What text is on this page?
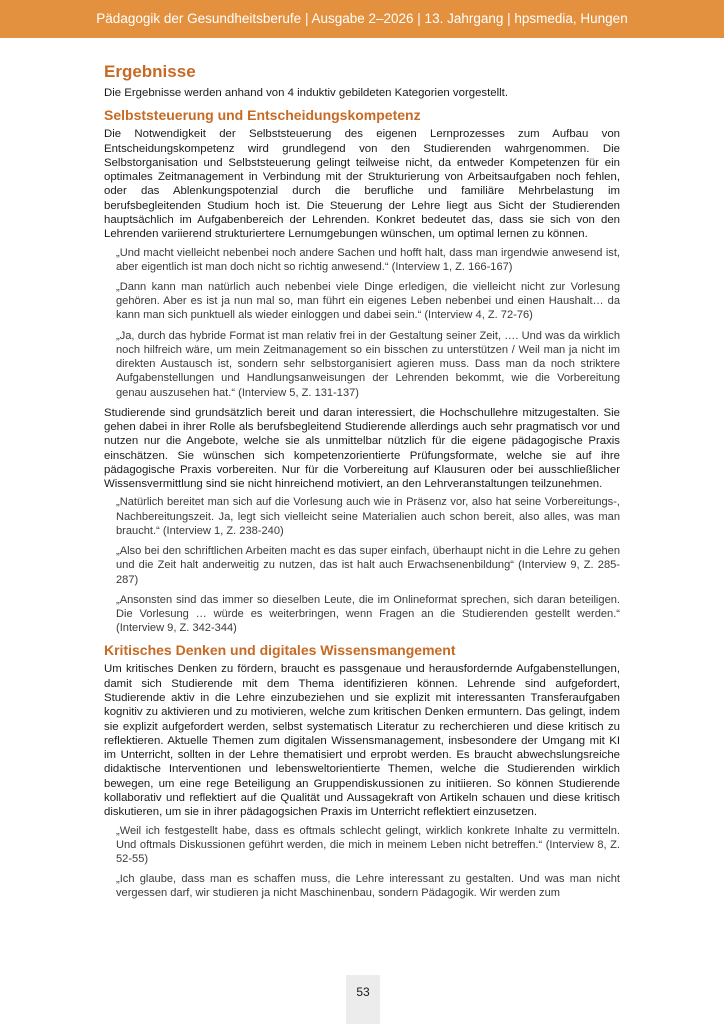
Pädagogik der Gesundheitsberufe | Ausgabe 2–2026 | 13. Jahrgang | hpsmedia, Hungen
Ergebnisse

Die Ergebnisse werden anhand von 4 induktiv gebildeten Kategorien vorgestellt.

Selbststeuerung und Entscheidungskompetenz

Die Notwendigkeit der Selbststeuerung des eigenen Lernprozesses zum Aufbau von Entscheidungskompetenz wird grundlegend von den Studierenden wahrgenommen. Die Selbstorganisation und Selbststeuerung gelingt teilweise nicht, da entweder Kompetenzen für ein optimales Zeitmanagement in Verbindung mit der Strukturierung von Arbeitsaufgaben noch fehlen, oder das Ablenkungspotenzial durch die berufliche und familiäre Mehrbelastung im berufsbegleitenden Studium hoch ist. Die Steuerung der Lehre liegt aus Sicht der Studierenden hauptsächlich im Aufgabenbereich der Lehrenden. Konkret bedeutet das, dass sie sich von den Lehrenden variierend strukturiertere Lernumgebungen wünschen, um optimal lernen zu können.

„Und macht vielleicht nebenbei noch andere Sachen und hofft halt, dass man irgendwie anwesend ist, aber eigentlich ist man doch nicht so richtig anwesend.“ (Interview 1, Z. 166-167)

„Dann kann man natürlich auch nebenbei viele Dinge erledigen, die vielleicht nicht zur Vorlesung gehören. Aber es ist ja nun mal so, man führt ein eigenes Leben nebenbei und einen Haushalt… da kann man sich punktuell als wieder einloggen und dabei sein.“ (Interview 4, Z. 72-76)

„Ja, durch das hybride Format ist man relativ frei in der Gestaltung seiner Zeit, …. Und was da wirklich noch hilfreich wäre, um mein Zeitmanagement so ein bisschen zu unterstützen / Weil man ja nicht im direkten Austausch ist, sondern sehr selbstorganisiert agieren muss. Dass man da noch striktere Aufgabenstellungen und Handlungsanweisungen der Lehrenden bekommt, wie die Vorbereitung genau auszusehen hat.“ (Interview 5, Z. 131-137)

Studierende sind grundsätzlich bereit und daran interessiert, die Hochschullehre mitzugestalten. Sie gehen dabei in ihrer Rolle als berufsbegleitend Studierende allerdings auch sehr pragmatisch vor und nutzen nur die Angebote, welche sie als unmittelbar nützlich für die eigene pädagogische Praxis einschätzen. Sie wünschen sich kompetenzorientierte Prüfungsformate, welche sie auf ihre pädagogische Praxis vorbereiten. Nur für die Vorbereitung auf Klausuren oder bei ausschließlicher Wissensvermittlung sind sie nicht hinreichend motiviert, an den Lehrveranstaltungen teilzunehmen.

„Natürlich bereitet man sich auf die Vorlesung auch wie in Präsenz vor, also hat seine Vorbereitungs-, Nachbereitungszeit. Ja, legt sich vielleicht seine Materialien auch schon bereit, also alles, was man braucht.“ (Interview 1, Z. 238-240)

„Also bei den schriftlichen Arbeiten macht es das super einfach, überhaupt nicht in die Lehre zu gehen und die Zeit halt anderweitig zu nutzen, das ist halt auch Erwachsenenbildung“ (Interview 9, Z. 285-287)

„Ansonsten sind das immer so dieselben Leute, die im Onlineformat sprechen, sich daran beteiligen. Die Vorlesung … würde es weiterbringen, wenn Fragen an die Studierenden gestellt werden.“ (Interview 9, Z. 342-344)

Kritisches Denken und digitales Wissensmangement

Um kritisches Denken zu fördern, braucht es passgenaue und herausfordernde Aufgabenstellungen, damit sich Studierende mit dem Thema identifizieren können. Lehrende sind aufgefordert, Studierende aktiv in die Lehre einzubeziehen und sie explizit mit interessanten Transferaufgaben kognitiv zu aktivieren und zu motivieren, welche zum kritischen Denken ermuntern. Das gelingt, indem sie explizit aufgefordert werden, selbst systematisch Literatur zu recherchieren und diese kritisch zu reflektieren. Aktuelle Themen zum digitalen Wissensmanagement, insbesondere der Umgang mit KI im Unterricht, sollten in der Lehre thematisiert und erprobt werden. Es braucht abwechslungsreiche didaktische Interventionen und lebensweltorientierte Themen, welche die Studierenden wirklich bewegen, um eine rege Beteiligung an Gruppendiskussionen zu initiieren. So können Studierende kollaborativ und reflektiert auf die Qualität und Aussagekraft von Artikeln schauen und diese kritisch diskutieren, um sie in ihrer pädagogsichen Praxis im Unterricht reflektiert einzusetzen.

„Weil ich festgestellt habe, dass es oftmals schlecht gelingt, wirklich konkrete Inhalte zu vermitteln. Und oftmals Diskussionen geführt werden, die mich in meinem Leben nicht betreffen.“ (Interview 8, Z. 52-55)

„Ich glaube, dass man es schaffen muss, die Lehre interessant zu gestalten. Und was man nicht vergessen darf, wir studieren ja nicht Maschinenbau, sondern Pädagogik. Wir werden zum

53
